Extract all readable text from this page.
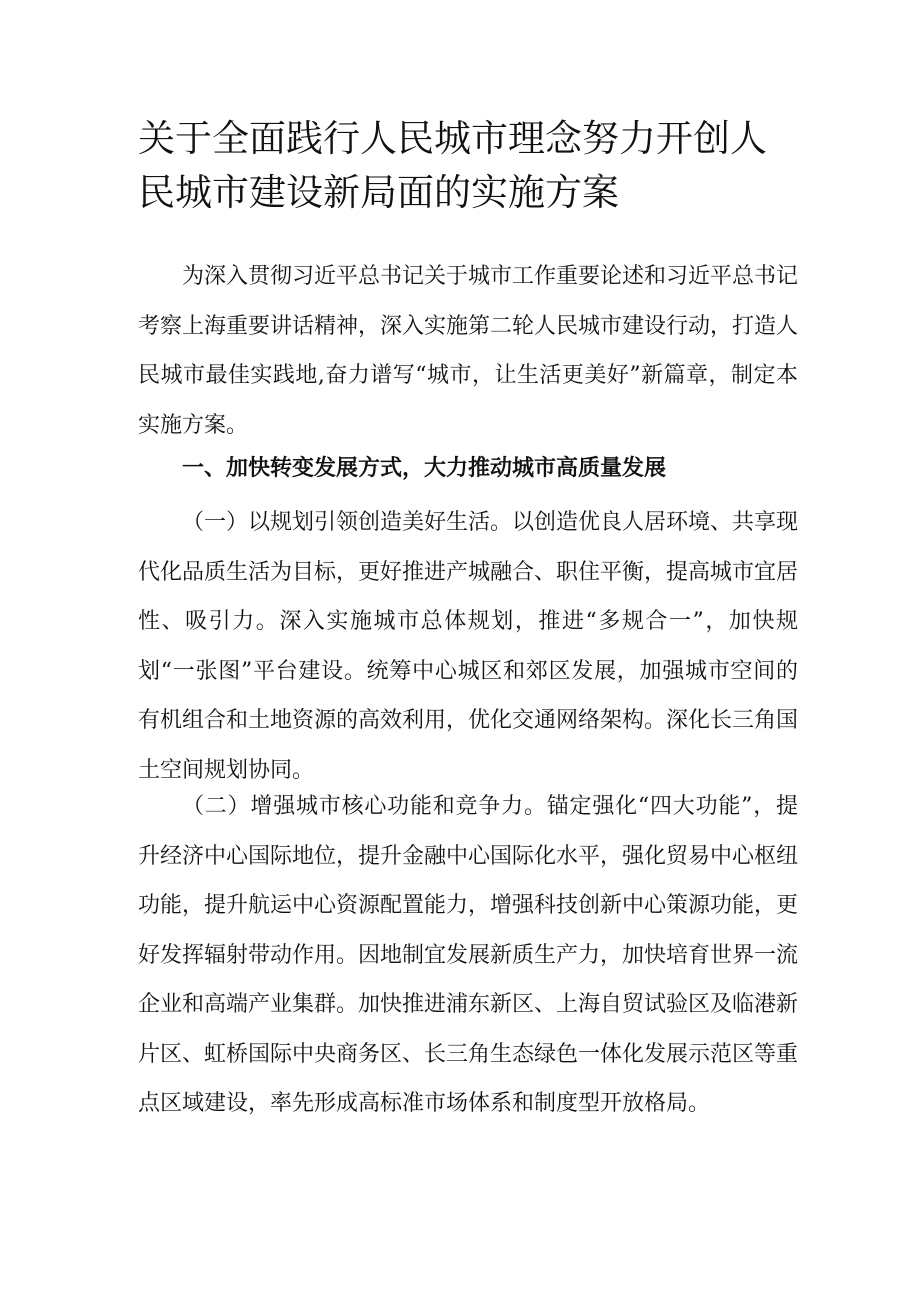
关于全面践行人民城市理念努力开创人民城市建设新局面的实施方案

为深入贯彻习近平总书记关于城市工作重要论述和习近平总书记考察上海重要讲话精神，深入实施第二轮人民城市建设行动，打造人民城市最佳实践地,奋力谱写“城市，让生活更美好”新篇章，制定本实施方案。

一、加快转变发展方式，大力推动城市高质量发展

（一）以规划引领创造美好生活。以创造优良人居环境、共享现代化品质生活为目标，更好推进产城融合、职住平衡，提高城市宜居性、吸引力。深入实施城市总体规划，推进“多规合一”，加快规划“一张图”平台建设。统筹中心城区和郊区发展，加强城市空间的有机组合和土地资源的高效利用，优化交通网络架构。深化长三角国土空间规划协同。

（二）增强城市核心功能和竞争力。锚定强化“四大功能”，提升经济中心国际地位，提升金融中心国际化水平，强化贸易中心枢纽功能，提升航运中心资源配置能力，增强科技创新中心策源功能，更好发挥辐射带动作用。因地制宜发展新质生产力，加快培育世界一流企业和高端产业集群。加快推进浦东新区、上海自贸试验区及临港新片区、虹桥国际中央商务区、长三角生态绿色一体化发展示范区等重点区域建设，率先形成高标准市场体系和制度型开放格局。
